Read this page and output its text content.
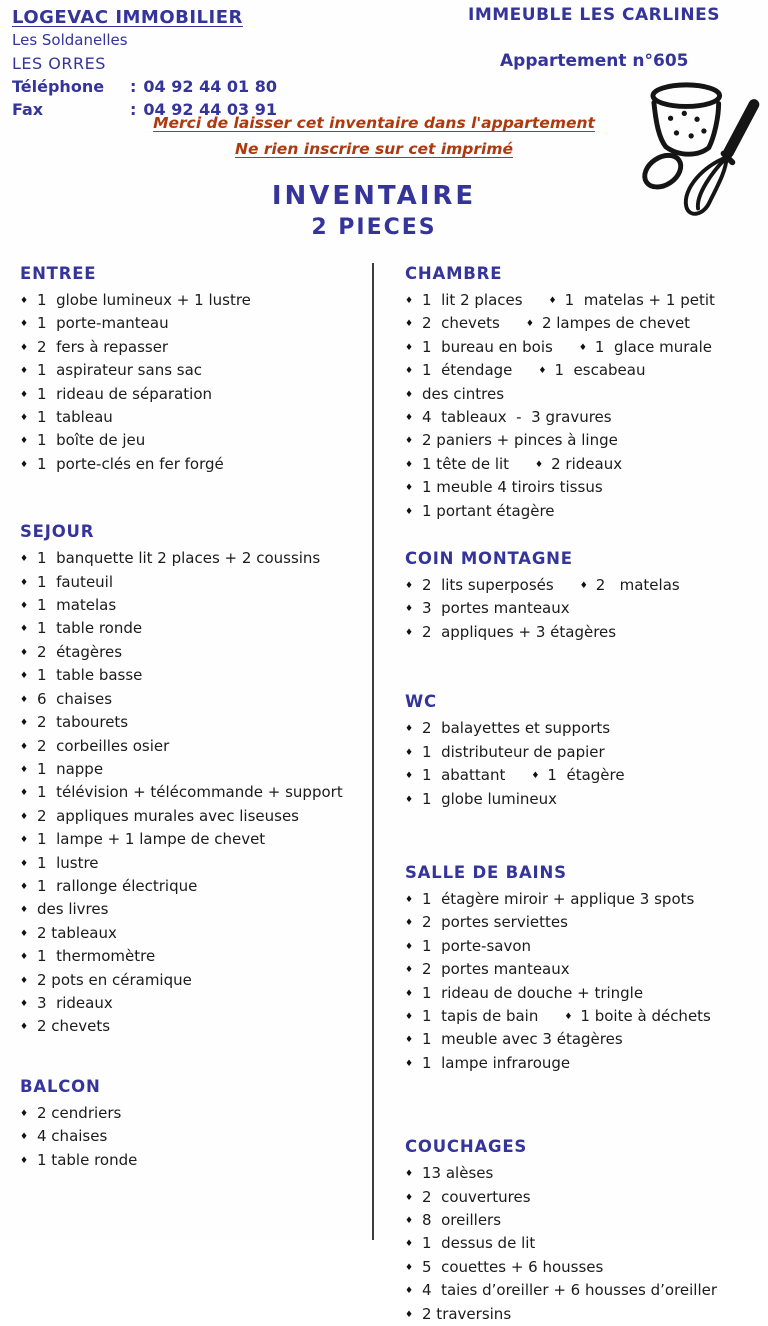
LOGEVAC IMMOBILIER
Les Soldanelles
LES ORRES
Téléphone : 04 92 44 01 80
Fax	: 04 92 44 03 91
IMMEUBLE LES CARLINES
Appartement n°605
Merci de laisser cet inventaire dans l'appartement
Ne rien inscrire sur cet imprimé
INVENTAIRE
2 PIECES
ENTREE
♦ 1  globe lumineux + 1 lustre
♦ 1  porte-manteau
♦ 2  fers à repasser
♦ 1  aspirateur sans sac
♦ 1  rideau de séparation
♦ 1  tableau
♦ 1  boîte de jeu
♦ 1  porte-clés en fer forgé
SEJOUR
♦ 1  banquette lit 2 places + 2 coussins
♦ 1  fauteuil
♦ 1  matelas
♦ 1  table ronde
♦ 2  étagères
♦ 1  table basse
♦ 6  chaises
♦ 2  tabourets
♦ 2  corbeilles osier
♦ 1  nappe
♦ 1  télévision + télécommande + support
♦ 2  appliques murales avec liseuses
♦ 1  lampe + 1 lampe de chevet
♦ 1  lustre
♦ 1  rallonge électrique
♦ des livres
♦ 2 tableaux
♦ 1  thermomètre
♦ 2 pots en céramique
♦ 3  rideaux
♦ 2 chevets
BALCON
♦ 2 cendriers
♦ 4 chaises
♦ 1 table ronde
CHAMBRE
♦ 1  lit 2 places	♦ 1  matelas + 1 petit
♦ 2  chevets	♦ 2 lampes de chevet
♦ 1  bureau en bois	♦ 1  glace murale
♦ 1  étendage	♦ 1  escabeau
♦ des cintres
♦ 4  tableaux  -  3 gravures
♦ 2 paniers + pinces à linge
♦ 1 tête de lit	♦ 2 rideaux
♦ 1 meuble 4 tiroirs tissus
♦ 1 portant étagère
COIN MONTAGNE
♦ 2  lits superposés	♦ 2   matelas
♦ 3  portes manteaux
♦ 2  appliques + 3 étagères
WC
♦ 2  balayettes et supports
♦ 1  distributeur de papier
♦ 1  abattant	♦ 1  étagère
♦ 1  globe lumineux
SALLE DE BAINS
♦ 1  étagère miroir + applique 3 spots
♦ 2  portes serviettes
♦ 1  porte-savon
♦ 2  portes manteaux
♦ 1  rideau de douche + tringle
♦ 1  tapis de bain	♦ 1 boite à déchets
♦ 1  meuble avec 3 étagères
♦ 1  lampe infrarouge
COUCHAGES
♦ 13 alèses
♦ 2  couvertures
♦ 8  oreillers
♦ 1  dessus de lit
♦ 5  couettes + 6 housses
♦ 4  taies d’oreiller + 6 housses d’oreiller
♦ 2 traversins
